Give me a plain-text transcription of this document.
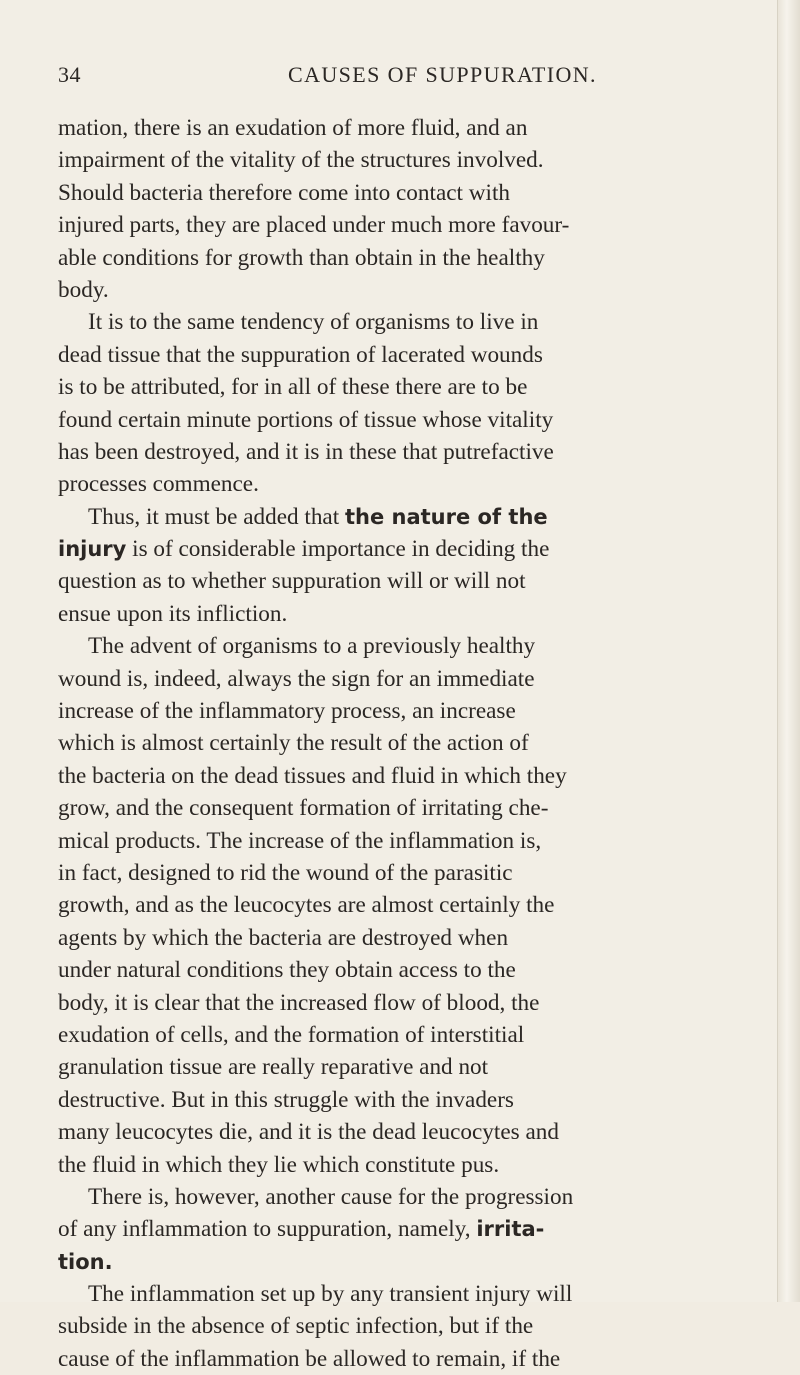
34	CAUSES OF SUPPURATION.
mation, there is an exudation of more fluid, and an
impairment of the vitality of the structures involved.
Should bacteria therefore come into contact with
injured parts, they are placed under much more favour-
able conditions for growth than obtain in the healthy
body.
It is to the same tendency of organisms to live in
dead tissue that the suppuration of lacerated wounds
is to be attributed, for in all of these there are to be
found certain minute portions of tissue whose vitality
has been destroyed, and it is in these that putrefactive
processes commence.
Thus, it must be added that the nature of the
injury is of considerable importance in deciding the
question as to whether suppuration will or will not
ensue upon its infliction.
The advent of organisms to a previously healthy
wound is, indeed, always the sign for an immediate
increase of the inflammatory process, an increase
which is almost certainly the result of the action of
the bacteria on the dead tissues and fluid in which they
grow, and the consequent formation of irritating che-
mical products. The increase of the inflammation is,
in fact, designed to rid the wound of the parasitic
growth, and as the leucocytes are almost certainly the
agents by which the bacteria are destroyed when
under natural conditions they obtain access to the
body, it is clear that the increased flow of blood, the
exudation of cells, and the formation of interstitial
granulation tissue are really reparative and not
destructive. But in this struggle with the invaders
many leucocytes die, and it is the dead leucocytes and
the fluid in which they lie which constitute pus.
There is, however, another cause for the progression
of any inflammation to suppuration, namely, irrita-
tion.
The inflammation set up by any transient injury will
subside in the absence of septic infection, but if the
cause of the inflammation be allowed to remain, if the
